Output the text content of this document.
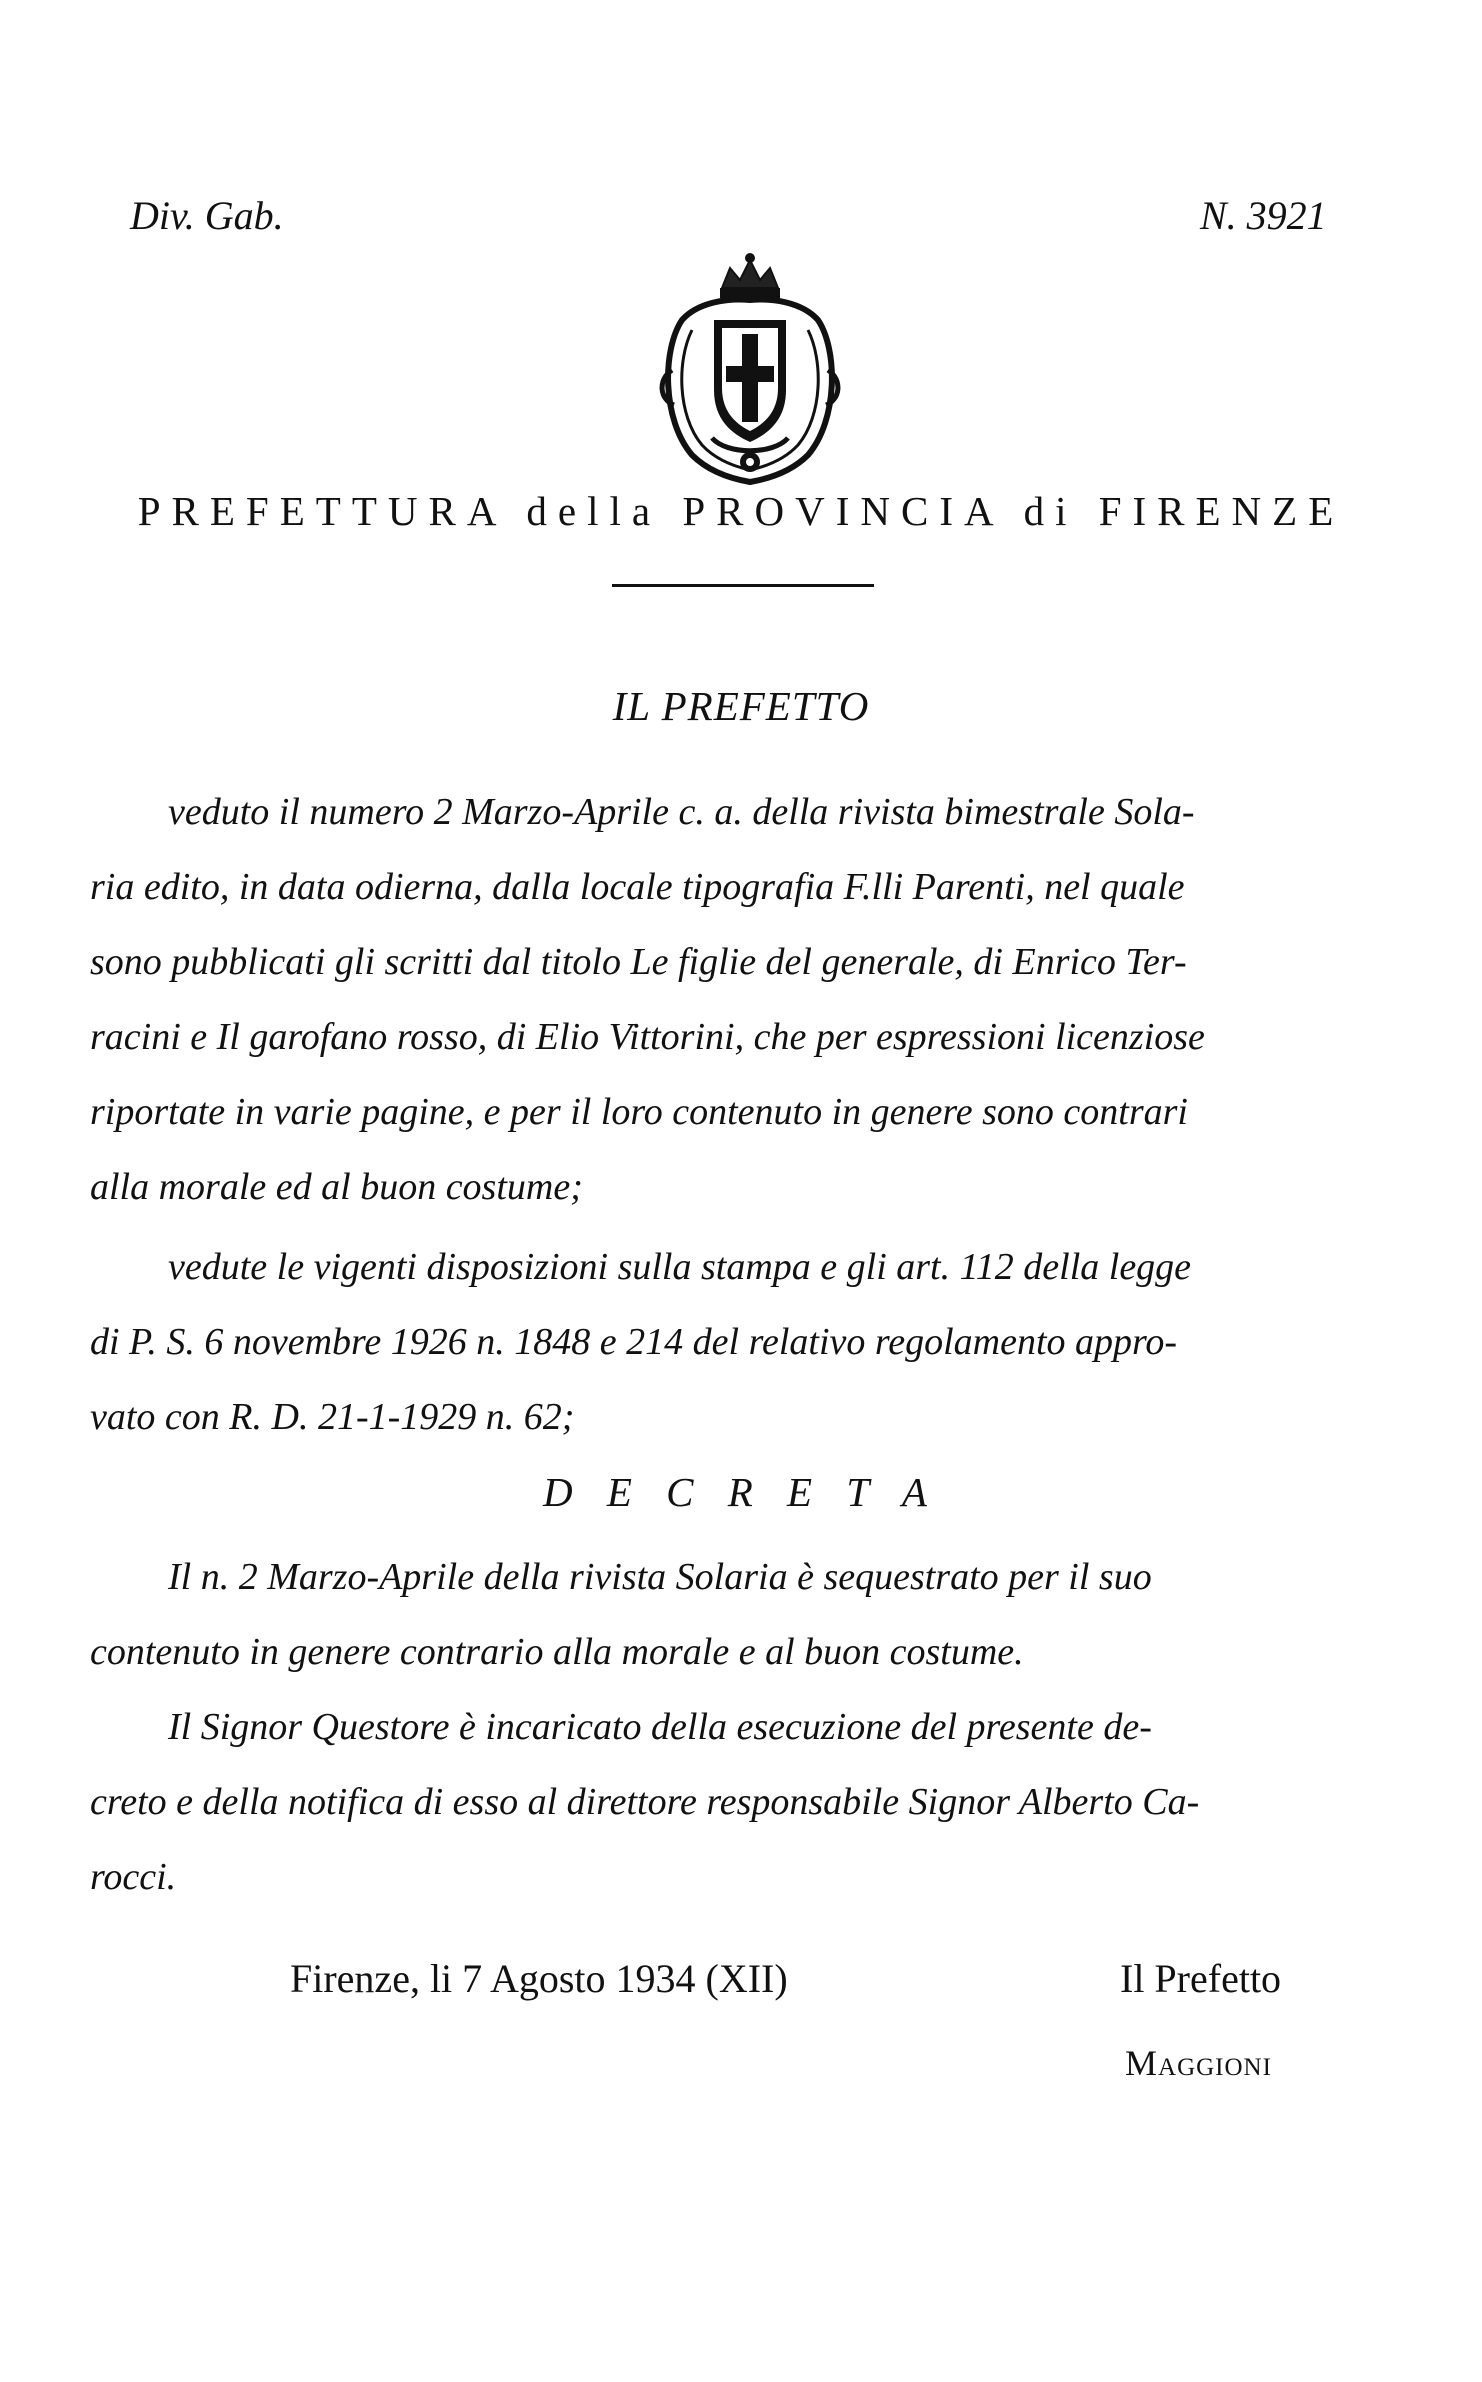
Div. Gab.	N. 3921
PREFETTURA della PROVINCIA di FIRENZE
IL PREFETTO
veduto il numero 2 Marzo-Aprile c. a. della rivista bimestrale Sola-
ria edito, in data odierna, dalla locale tipografia F.lli Parenti, nel quale
sono pubblicati gli scritti dal titolo Le figlie del generale, di Enrico Ter-
racini e Il garofano rosso, di Elio Vittorini, che per espressioni licenziose
riportate in varie pagine, e per il loro contenuto in genere sono contrari
alla morale ed al buon costume;
vedute le vigenti disposizioni sulla stampa e gli art. 112 della legge
di P. S. 6 novembre 1926 n. 1848 e 214 del relativo regolamento appro-
vato con R. D. 21-1-1929 n. 62;
D E C R E T A
Il n. 2 Marzo-Aprile della rivista Solaria è sequestrato per il suo
contenuto in genere contrario alla morale e al buon costume.
Il Signor Questore è incaricato della esecuzione del presente de-
creto e della notifica di esso al direttore responsabile Signor Alberto Ca-
rocci.
Firenze, li 7 Agosto 1934 (XII)	Il Prefetto
Maggioni
